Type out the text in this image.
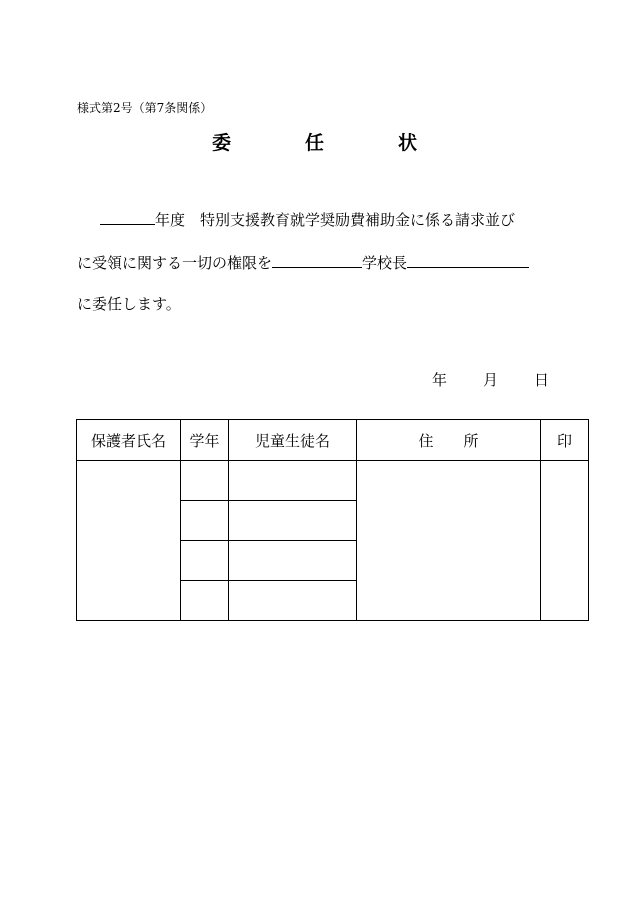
様式第2号（第7条関係）
委	任	状
年度　特別支援教育就学奨励費補助金に係る請求並び
に受領に関する一切の権限を	学校長
に委任します。
年 月 日
保護者氏名	学年	児童生徒名	住　　所	印
